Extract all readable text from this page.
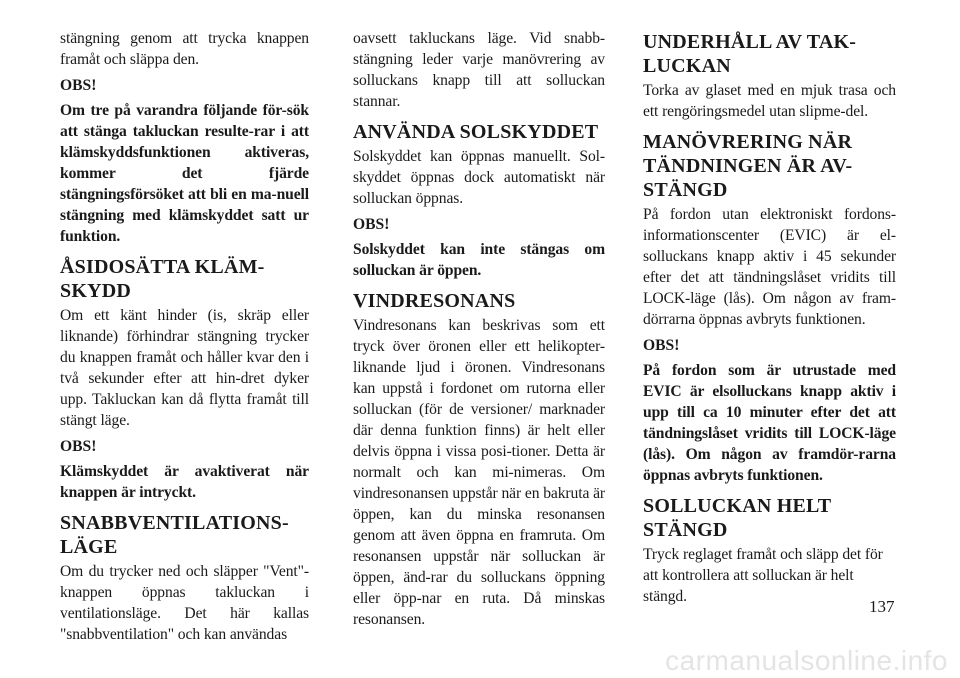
stängning genom att trycka knappen framåt och släppa den.

OBS!

Om tre på varandra följande för-sök att stänga takluckan resulte-rar i att klämskyddsfunktionen aktiveras, kommer det fjärde stängningsförsöket att bli en ma-nuell stängning med klämskyddet satt ur funktion.

ÅSIDOSÄTTA KLÄM-SKYDD

Om ett känt hinder (is, skräp eller liknande) förhindrar stängning trycker du knappen framåt och håller kvar den i två sekunder efter att hin-dret dyker upp. Takluckan kan då flytta framåt till stängt läge.

OBS!

Klämskyddet är avaktiverat när knappen är intryckt.

SNABBVENTILATIONS-LÄGE

Om du trycker ned och släpper "Vent"-knappen öppnas takluckan i ventilationsläge. Det här kallas "snabbventilation" och kan användas

oavsett takluckans läge. Vid snabb-stängning leder varje manövrering av solluckans knapp till att solluckan stannar.

ANVÄNDA SOLSKYDDET

Solskyddet kan öppnas manuellt. Sol-skyddet öppnas dock automatiskt när solluckan öppnas.

OBS!

Solskyddet kan inte stängas om solluckan är öppen.

VINDRESONANS

Vindresonans kan beskrivas som ett tryck över öronen eller ett helikopter-liknande ljud i öronen. Vindresonans kan uppstå i fordonet om rutorna eller solluckan (för de versioner/ marknader där denna funktion finns) är helt eller delvis öppna i vissa posi-tioner. Detta är normalt och kan mi-nimeras. Om vindresonansen uppstår när en bakruta är öppen, kan du minska resonansen genom att även öppna en framruta. Om resonansen uppstår när solluckan är öppen, änd-rar du solluckans öppning eller öpp-nar en ruta. Då minskas resonansen.

UNDERHÅLL AV TAK-LUCKAN

Torka av glaset med en mjuk trasa och ett rengöringsmedel utan slipme-del.

MANÖVRERING NÄR TÄNDNINGEN ÄR AV-STÄNGD

På fordon utan elektroniskt fordons-informationscenter (EVIC) är el-solluckans knapp aktiv i 45 sekunder efter det att tändningslåset vridits till LOCK-läge (lås). Om någon av fram-dörrarna öppnas avbryts funktionen.

OBS!

På fordon som är utrustade med EVIC är elsolluckans knapp aktiv i upp till ca 10 minuter efter det att tändningslåset vridits till LOCK-läge (lås). Om någon av framdör-rarna öppnas avbryts funktionen.

SOLLUCKAN HELT STÄNGD

Tryck reglaget framåt och släpp det för att kontrollera att solluckan är helt stängd.

137
carmanualsonline.info
